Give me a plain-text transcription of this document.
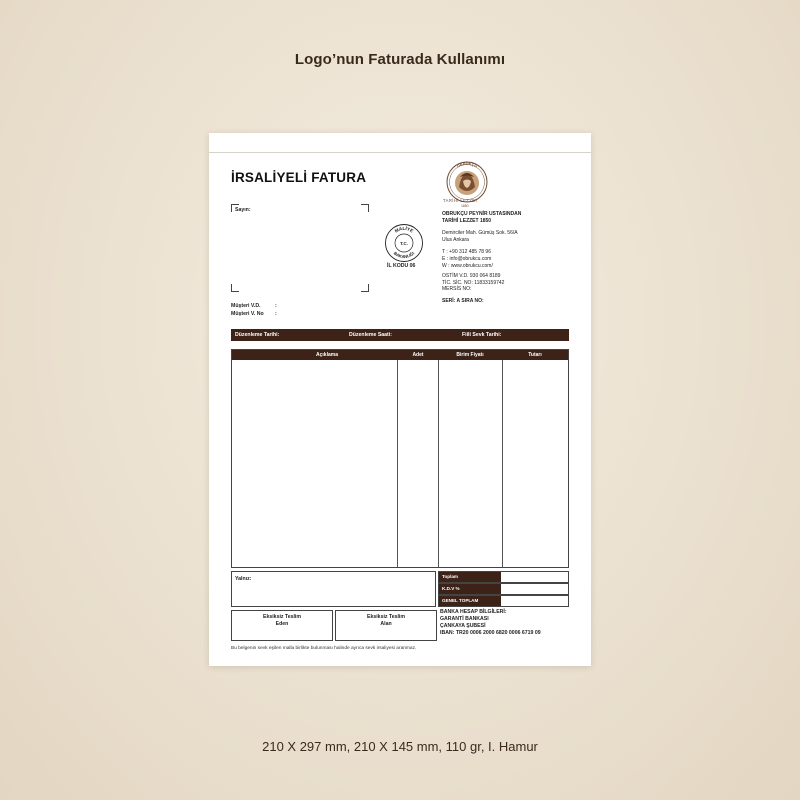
Logo’nun Faturada Kullanımı
İRSALİYELİ FATURA
Sayın:
Müşteri V.D.	:
Müşteri V. No :
MALİYE
BAKANLIĞI
T.C.
İL KODU 06
OBRUKÇU
TARİHİ LEZZET
1850
OBRUKÇU PEYNİR USTASINDAN
TARİHİ LEZZET 1850
Demirciler Mah. Gümüş Sok. 56/A
Ulus Ankara
T : +90 312 485 78 96
E : info@obrukcu.com
W : www.obrukcu.com/
OSTİM V.D. 930 064 8189
TİC. SİC. NO: 11833159742
MERSİS NO:
SERİ: A SIRA NO:
Düzenleme Tarihi:	Düzenleme Saati:	Fiili Sevk Tarihi:
Açıklama	Adet	Birim Fiyatı	Tutarı
Yalnız:	Toplam
K.D.V %
GENEL TOPLAM
Eksiksiz Teslim
Eden
Eksiksiz Teslim
Alan
BANKA HESAP BİLGİLERİ:
GARANTİ BANKASI
ÇANKAYA ŞUBESİ
IBAN: TR20 0006 2000 6820 0006 6719 09
Bu belgenin sevk eşilen malla birlikte bulunması halinde ayrıca sevk irsaliyesi aranmaz.
210 X 297 mm, 210 X 145 mm, 110 gr, I. Hamur
